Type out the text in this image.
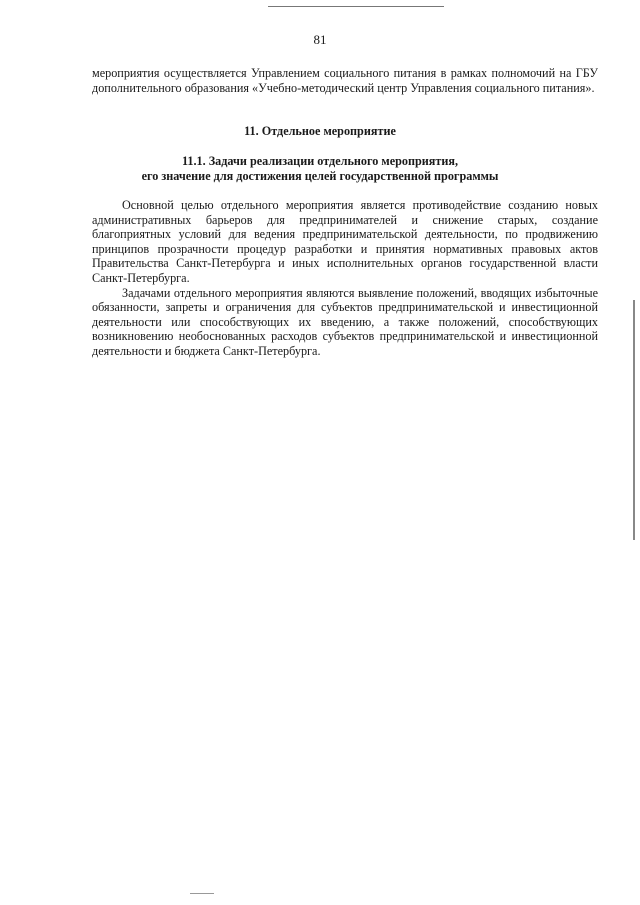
81

мероприятия осуществляется Управлением социального питания в рамках полномочий на ГБУ дополнительного образования «Учебно-методический центр Управления социального питания».

11. Отдельное мероприятие
11.1. Задачи реализации отдельного мероприятия,
его значение для достижения целей государственной программы

Основной целью отдельного мероприятия является противодействие созданию новых административных барьеров для предпринимателей и снижение старых, создание благоприятных условий для ведения предпринимательской деятельности, по продвижению принципов прозрачности процедур разработки и принятия нормативных правовых актов Правительства Санкт-Петербурга и иных исполнительных органов государственной власти Санкт-Петербурга.

Задачами отдельного мероприятия являются выявление положений, вводящих избыточные обязанности, запреты и ограничения для субъектов предпринимательской и инвестиционной деятельности или способствующих их введению, а также положений, способствующих возникновению необоснованных расходов субъектов предпринимательской и инвестиционной деятельности и бюджета Санкт-Петербурга.
